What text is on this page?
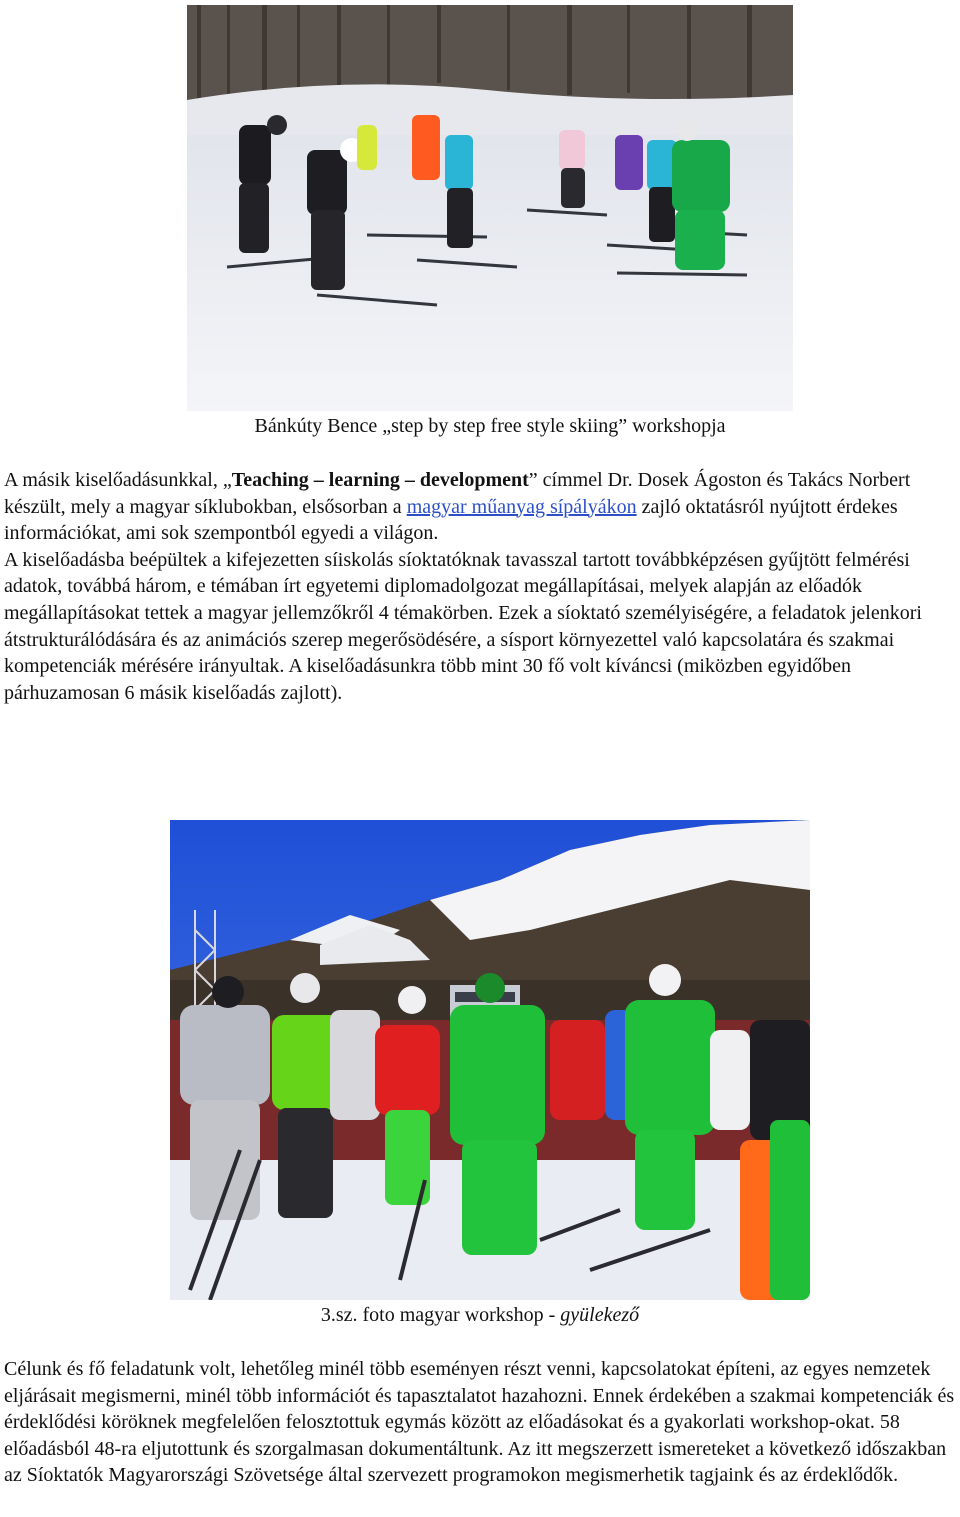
Bánkúty Bence „step by step free style skiing” workshopja
A másik kiselőadásunkkal, „Teaching – learning – development” címmel Dr. Dosek Ágoston és Takács Norbert készült, mely a magyar síklubokban, elsősorban a magyar műanyag sípályákon zajló oktatásról nyújtott érdekes információkat, ami sok szempontból egyedi a világon.
A kiselőadásba beépültek a kifejezetten síiskolás síoktatóknak tavasszal tartott továbbképzésen gyűjtött felmérési adatok, továbbá három, e témában írt egyetemi diplomadolgozat megállapításai, melyek alapján az előadók megállapításokat tettek a magyar jellemzőkről 4 témakörben. Ezek a síoktató személyiségére, a feladatok jelenkori átstrukturálódására és az animációs szerep megerősödésére, a sísport környezettel való kapcsolatára és szakmai kompetenciák mérésére irányultak. A kiselőadásunkra több mint 30 fő volt kíváncsi (miközben egyidőben párhuzamosan 6 másik kiselőadás zajlott).
3.sz. foto magyar workshop - gyülekező
Célunk és fő feladatunk volt, lehetőleg minél több eseményen részt venni, kapcsolatokat építeni, az egyes nemzetek eljárásait megismerni, minél több információt és tapasztalatot hazahozni. Ennek érdekében a szakmai kompetenciák és érdeklődési köröknek megfelelően felosztottuk egymás között az előadásokat és a gyakorlati workshop-okat. 58 előadásból 48-ra eljutottunk és szorgalmasan dokumentáltunk. Az itt megszerzett ismereteket a következő időszakban az Síoktatók Magyarországi Szövetsége által szervezett programokon megismerhetik tagjaink és az érdeklődők.
